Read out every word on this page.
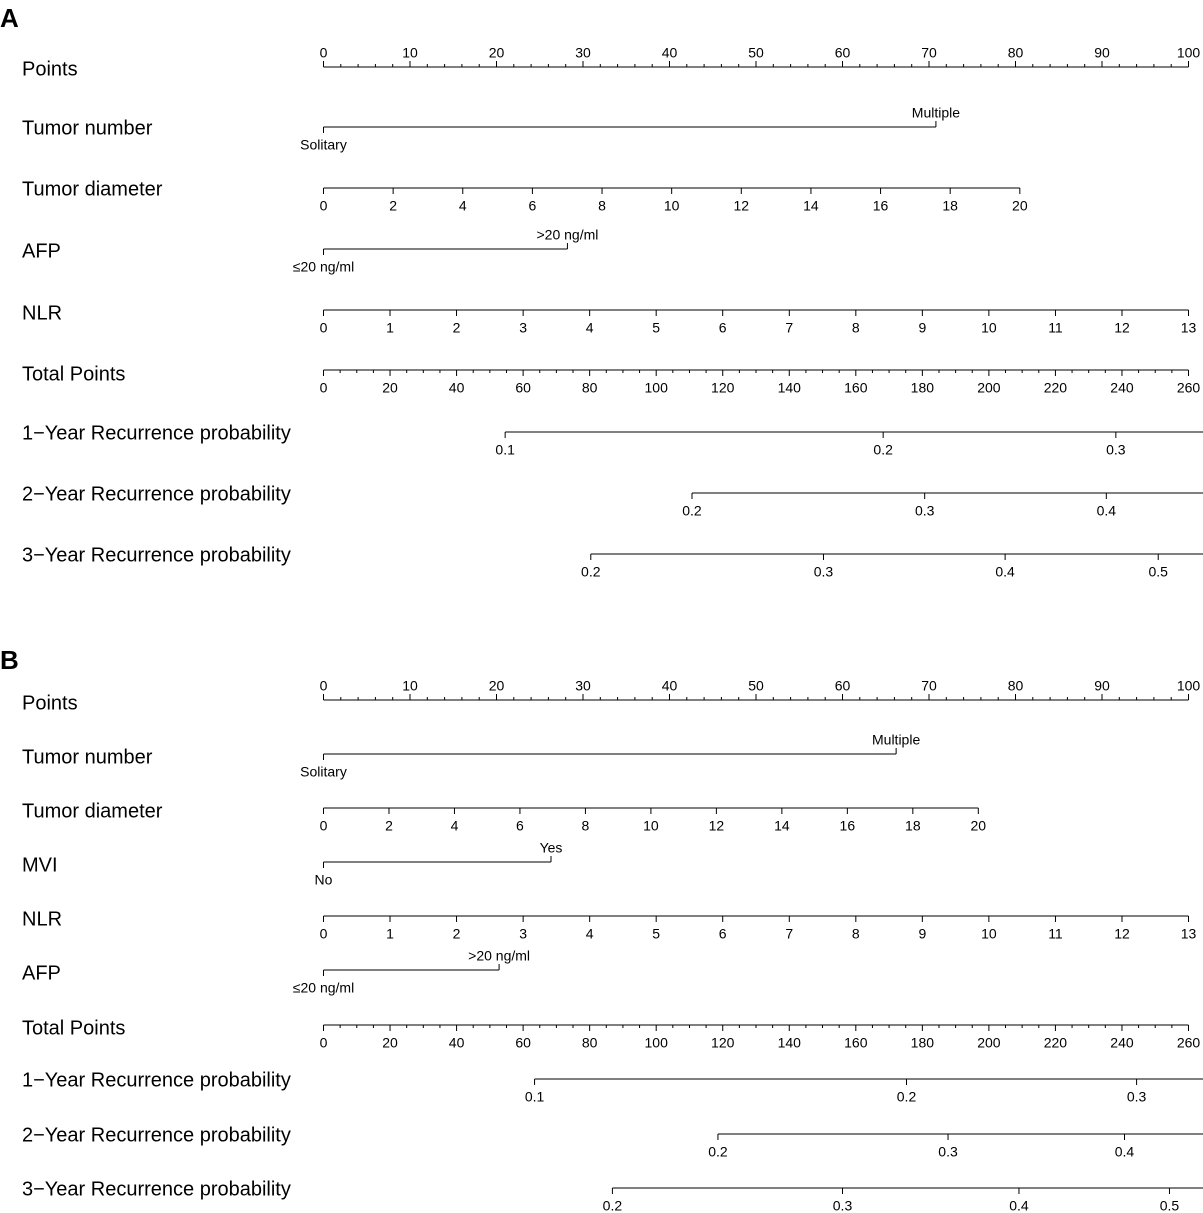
A
Points
0	10	20	30	40	50	60	70	80	90	100
Tumor number
Solitary
Multiple
Tumor diameter
0	2	4	6	8	10	12	14	16	18	20
AFP
≤20 ng/ml
>20 ng/ml
NLR
0	1	2	3	4	5	6	7	8	9	10	11	12	13
Total Points
0	20	40	60	80	100	120	140	160	180	200	220	240	260
1−Year Recurrence probability
0.1	0.2	0.3
2−Year Recurrence probability
0.2	0.3	0.4
3−Year Recurrence probability
0.2	0.3	0.4	0.5
B
Points
0	10	20	30	40	50	60	70	80	90	100
Tumor number
Solitary
Multiple
Tumor diameter
0	2	4	6	8	10	12	14	16	18	20
MVI
No
Yes
NLR
0	1	2	3	4	5	6	7	8	9	10	11	12	13
AFP
≤20 ng/ml
>20 ng/ml
Total Points
0	20	40	60	80	100	120	140	160	180	200	220	240	260
1−Year Recurrence probability
0.1	0.2	0.3
2−Year Recurrence probability
0.2	0.3	0.4
3−Year Recurrence probability
0.2	0.3	0.4	0.5
